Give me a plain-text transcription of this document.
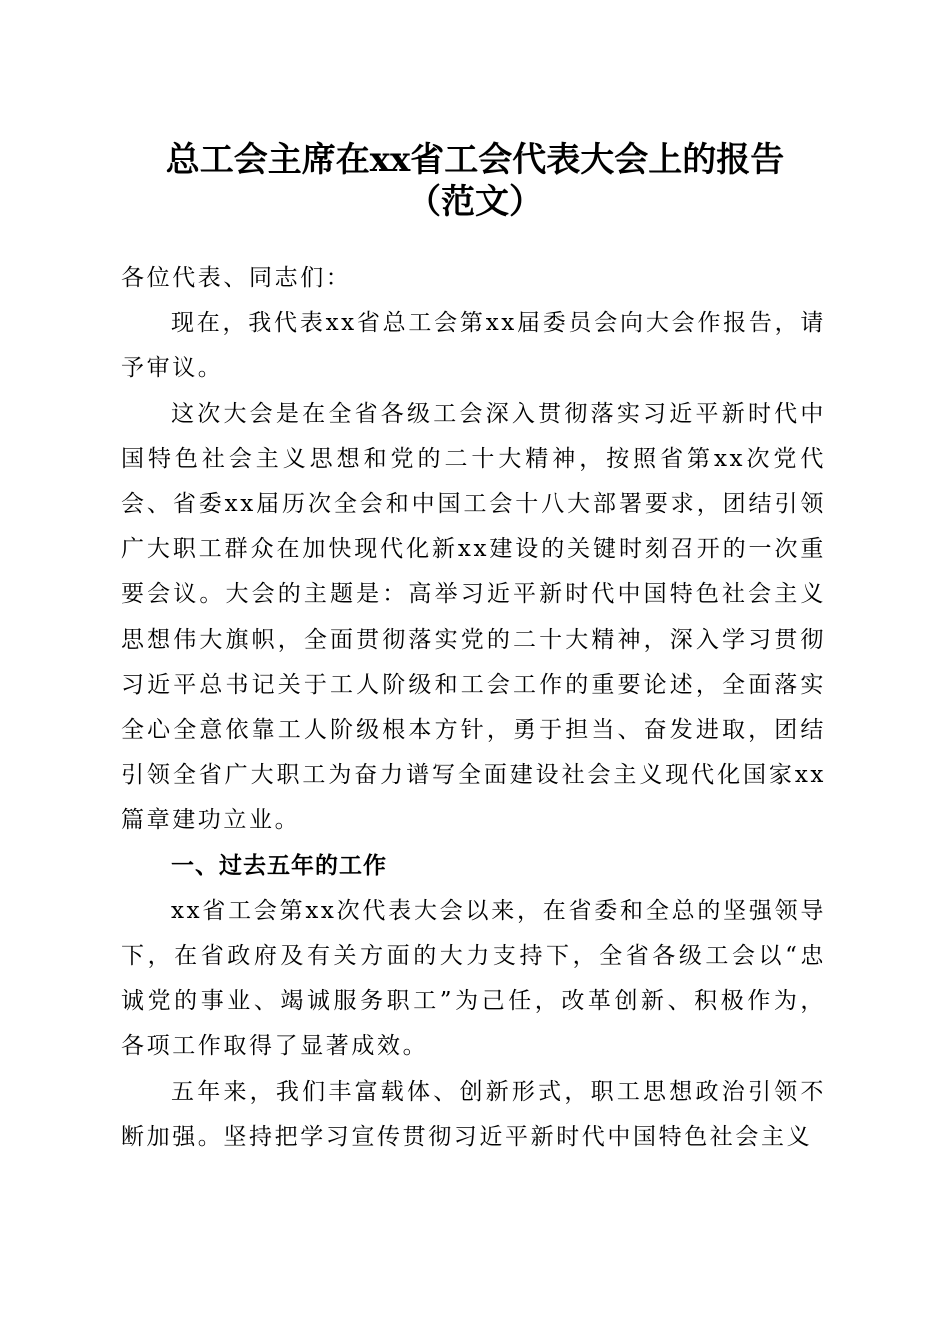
总工会主席在xx省工会代表大会上的报告
（范文）

各位代表、同志们：

现在，我代表xx省总工会第xx届委员会向大会作报告，请予审议。

这次大会是在全省各级工会深入贯彻落实习近平新时代中国特色社会主义思想和党的二十大精神，按照省第xx次党代会、省委xx届历次全会和中国工会十八大部署要求，团结引领广大职工群众在加快现代化新xx建设的关键时刻召开的一次重要会议。大会的主题是：高举习近平新时代中国特色社会主义思想伟大旗帜，全面贯彻落实党的二十大精神，深入学习贯彻习近平总书记关于工人阶级和工会工作的重要论述，全面落实全心全意依靠工人阶级根本方针，勇于担当、奋发进取，团结引领全省广大职工为奋力谱写全面建设社会主义现代化国家xx篇章建功立业。

一、过去五年的工作

xx省工会第xx次代表大会以来，在省委和全总的坚强领导下，在省政府及有关方面的大力支持下，全省各级工会以“忠诚党的事业、竭诚服务职工”为己任，改革创新、积极作为，各项工作取得了显著成效。

五年来，我们丰富载体、创新形式，职工思想政治引领不断加强。坚持把学习宣传贯彻习近平新时代中国特色社会主义
